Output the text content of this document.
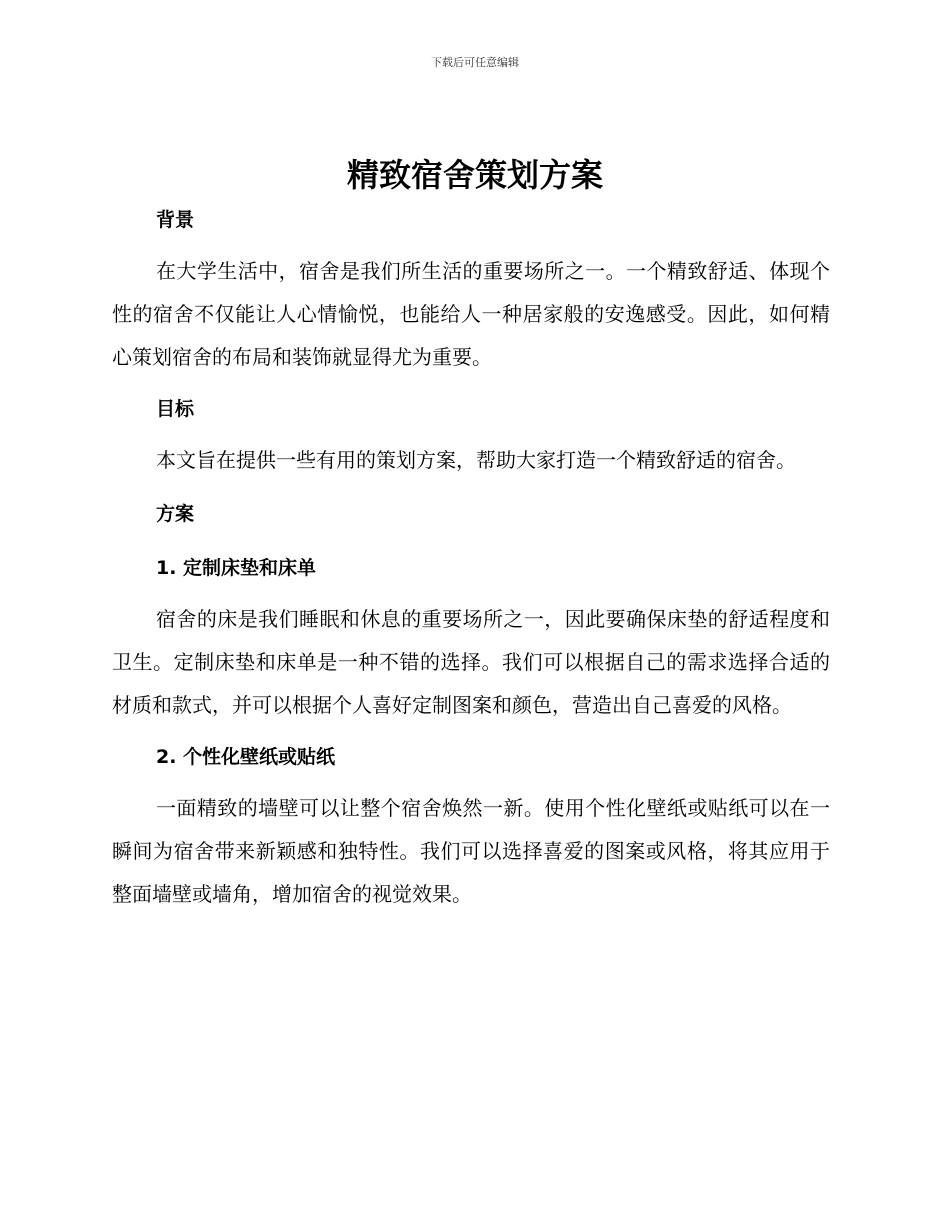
下载后可任意编辑
精致宿舍策划方案
背景

在大学生活中，宿舍是我们所生活的重要场所之一。一个精致舒适、体现个性的宿舍不仅能让人心情愉悦，也能给人一种居家般的安逸感受。因此，如何精心策划宿舍的布局和装饰就显得尤为重要。

目标

本文旨在提供一些有用的策划方案，帮助大家打造一个精致舒适的宿舍。

方案
1. 定制床垫和床单

宿舍的床是我们睡眠和休息的重要场所之一，因此要确保床垫的舒适程度和卫生。定制床垫和床单是一种不错的选择。我们可以根据自己的需求选择合适的材质和款式，并可以根据个人喜好定制图案和颜色，营造出自己喜爱的风格。

2. 个性化壁纸或贴纸

一面精致的墙壁可以让整个宿舍焕然一新。使用个性化壁纸或贴纸可以在一瞬间为宿舍带来新颖感和独特性。我们可以选择喜爱的图案或风格，将其应用于整面墙壁或墙角，增加宿舍的视觉效果。
